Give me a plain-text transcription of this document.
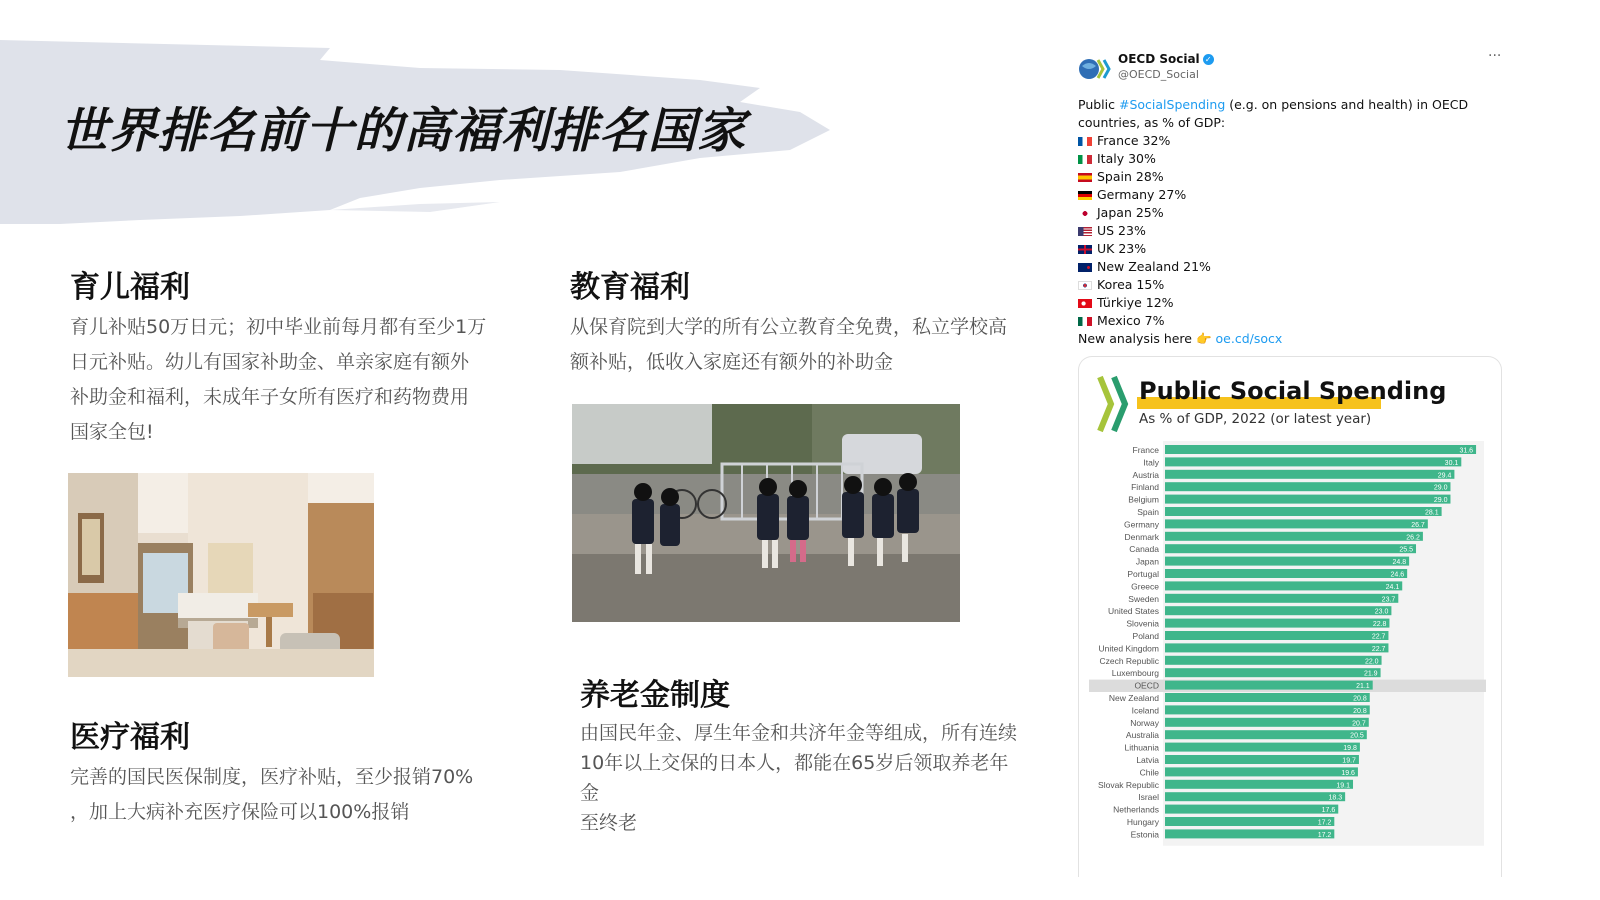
世界排名前十的高福利排名国家
育儿福利
育儿补贴50万日元；初中毕业前每月都有至少1万
日元补贴。幼儿有国家补助金、单亲家庭有额外
补助金和福利，未成年子女所有医疗和药物费用
国家全包!
医疗福利
完善的国民医保制度，医疗补贴，至少报销70%
，加上大病补充医疗保险可以100%报销
教育福利
从保育院到大学的所有公立教育全免费，私立学校高
额补贴，低收入家庭还有额外的补助金
养老金制度
由国民年金、厚生年金和共济年金等组成，所有连续
10年以上交保的日本人，都能在65岁后领取养老年金
至终老
OECD Social ✓
@OECD_Social
···
Public #SocialSpending (e.g. on pensions and health) in OECD countries, as % of GDP:
France 32%
Italy 30%
Spain 28%
Germany 27%
Japan 25%
US 23%
UK 23%
New Zealand 21%
Korea 15%
Türkiye 12%
Mexico 7%
New analysis here 👉 oe.cd/socx
Public Social Spending
As % of GDP, 2022 (or latest year)
France	31.6
Italy	30.1
Austria	29.4
Finland	29.0
Belgium	29.0
Spain	28.1
Germany	26.7
Denmark	26.2
Canada	25.5
Japan	24.8
Portugal	24.6
Greece	24.1
Sweden	23.7
United States	23.0
Slovenia	22.8
Poland	22.7
United Kingdom	22.7
Czech Republic	22.0
Luxembourg	21.9
OECD	21.1
New Zealand	20.8
Iceland	20.8
Norway	20.7
Australia	20.5
Lithuania	19.8
Latvia	19.7
Chile	19.6
Slovak Republic	19.1
Israel	18.3
Netherlands	17.6
Hungary	17.2
Estonia	17.2
